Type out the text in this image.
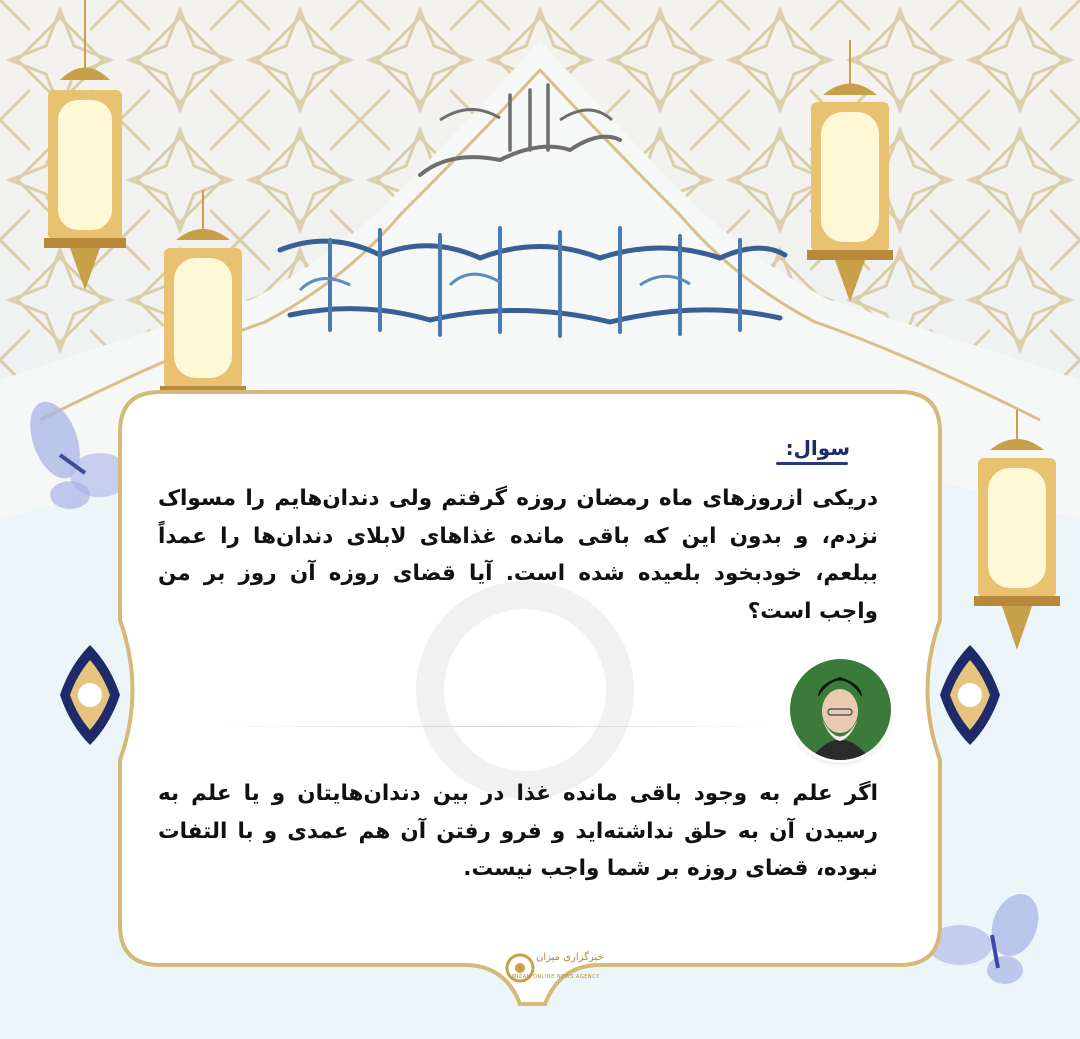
سوال:
دریکی ازروزهای ماه رمضان روزه گرفتم ولی دندان‌هایم را مسواک نزدم، و بدون این که باقی مانده غذاهای لابلای دندان‌ها را عمداً ببلعم، خودبخود بلعیده شده است. آیا قضای روزه آن روز بر من واجب است؟
اگر علم به وجود باقی مانده غذا در بین دندان‌هایتان و یا علم به رسیدن آن به حلق نداشته‌اید و فرو رفتن آن هم عمدی و با التفات نبوده، قضای روزه بر شما واجب نیست.
خبرگزاری میزان
MIZAN ONLINE NEWS AGENCY
